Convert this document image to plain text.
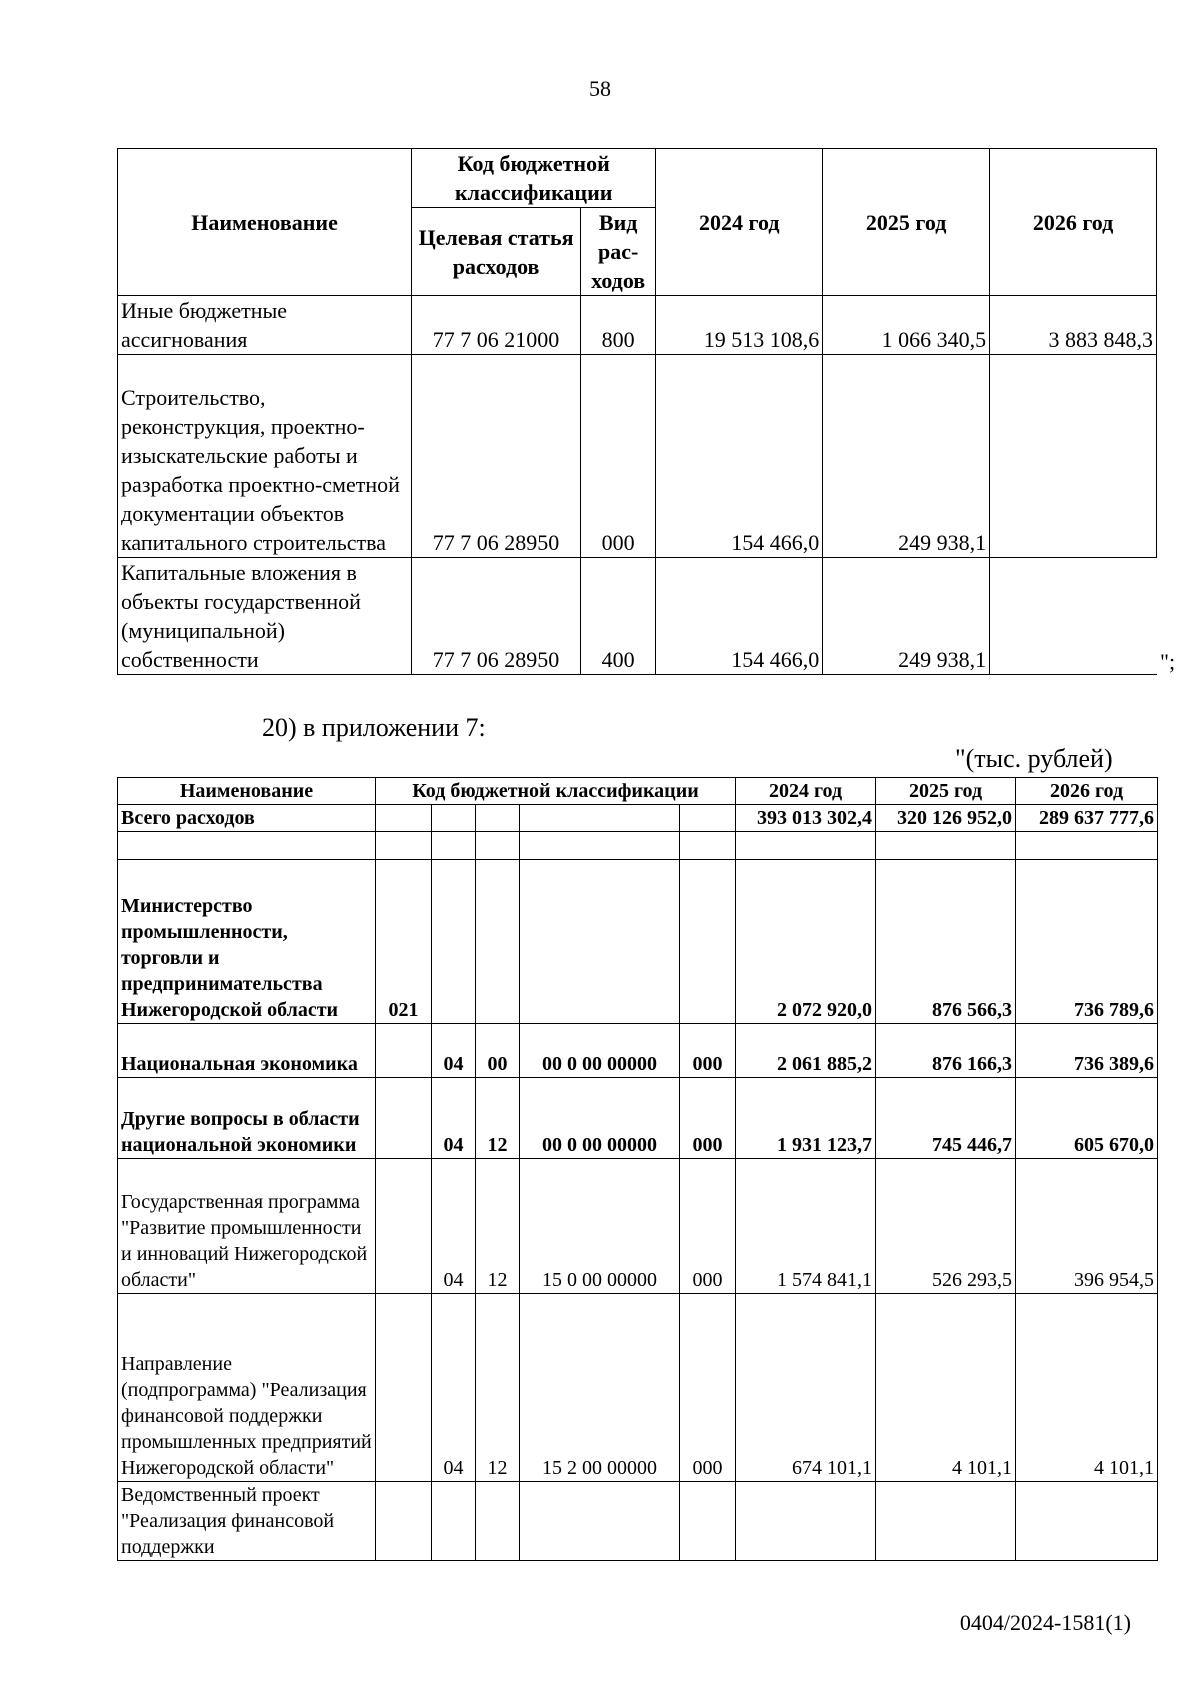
58
Наименование	Код бюджетной классификации		2024 год	2025 год	2026 год
	Целевая статья расходов	Вид рас-ходов			
Иные бюджетные ассигнования	77 7 06 21000	800	19 513 108,6	1 066 340,5	3 883 848,3
Строительство, реконструкция, проектно-изыскательские работы и разработка проектно-сметной документации объектов капитального строительства	77 7 06 28950	000	154 466,0	249 938,1	
Капитальные вложения в объекты государственной (муниципальной) собственности	77 7 06 28950	400	154 466,0	249 938,1		";
20) в приложении 7:
"(тыс. рублей)
Наименование	Код бюджетной классификации					2024 год	2025 год	2026 год
Всего расходов						393 013 302,4	320 126 952,0	289 637 777,6

Министерство промышленности, торговли и предпринимательства Нижегородской области	021					2 072 920,0	876 566,3	736 789,6
Национальная экономика		04	00	00 0 00 00000	000	2 061 885,2	876 166,3	736 389,6
Другие вопросы в области национальной экономики		04	12	00 0 00 00000	000	1 931 123,7	745 446,7	605 670,0
Государственная программа "Развитие промышленности и инноваций Нижегородской области"		04	12	15 0 00 00000	000	1 574 841,1	526 293,5	396 954,5
Направление (подпрограмма) "Реализация финансовой поддержки промышленных предприятий Нижегородской области"		04	12	15 2 00 00000	000	674 101,1	4 101,1	4 101,1
Ведомственный проект "Реализация финансовой поддержки								
0404/2024-1581(1)
